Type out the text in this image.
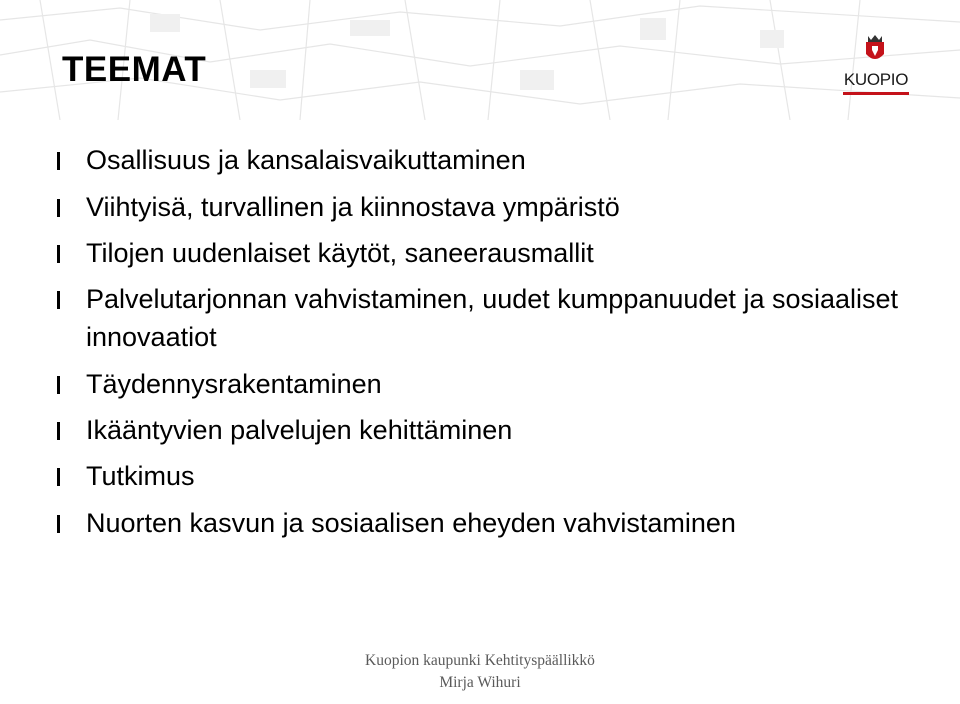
TEEMAT	KUOPIO
Osallisuus ja kansalaisvaikuttaminen
Viihtyisä, turvallinen ja kiinnostava ympäristö
Tilojen uudenlaiset käytöt, saneerausmallit
Palvelutarjonnan vahvistaminen, uudet kumppanuudet ja sosiaaliset innovaatiot
Täydennysrakentaminen
Ikääntyvien palvelujen kehittäminen
Tutkimus
Nuorten kasvun ja sosiaalisen eheyden vahvistaminen
Kuopion kaupunki Kehtityspäällikkö
Mirja Wihuri
